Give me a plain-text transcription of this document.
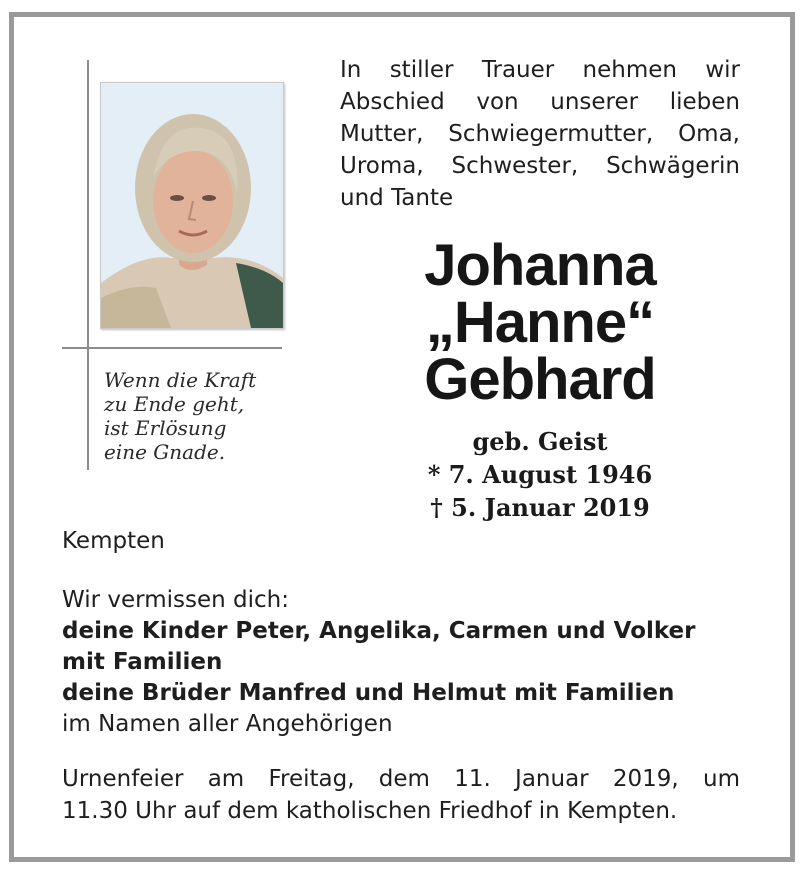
Wenn die Kraft
zu Ende geht,
ist Erlösung
eine Gnade.
In stiller Trauer nehmen wir
Abschied von unserer lieben
Mutter, Schwiegermutter, Oma,
Uroma, Schwester, Schwägerin
und Tante
Johanna
„Hanne“
Gebhard
geb. Geist
* 7. August 1946
† 5. Januar 2019
Kempten
Wir vermissen dich:
deine Kinder Peter, Angelika, Carmen und Volker
mit Familien
deine Brüder Manfred und Helmut mit Familien
im Namen aller Angehörigen
Urnenfeier am Freitag, dem 11. Januar 2019, um
11.30 Uhr auf dem katholischen Friedhof in Kempten.
